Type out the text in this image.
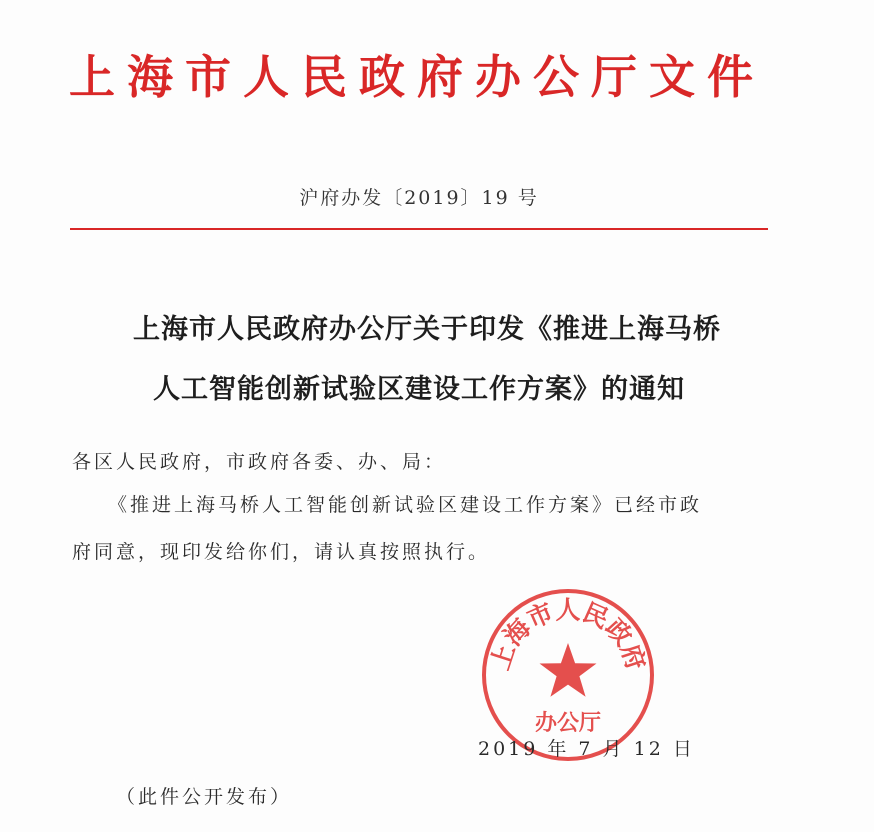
上海市人民政府办公厅文件
沪府办发〔2019〕19 号
上海市人民政府办公厅关于印发《推进上海马桥
人工智能创新试验区建设工作方案》的通知
各区人民政府，市政府各委、办、局：
《推进上海马桥人工智能创新试验区建设工作方案》已经市政
府同意，现印发给你们，请认真按照执行。
上海市人民政府
办公厅
2019 年 7 月 12 日
（此件公开发布）
